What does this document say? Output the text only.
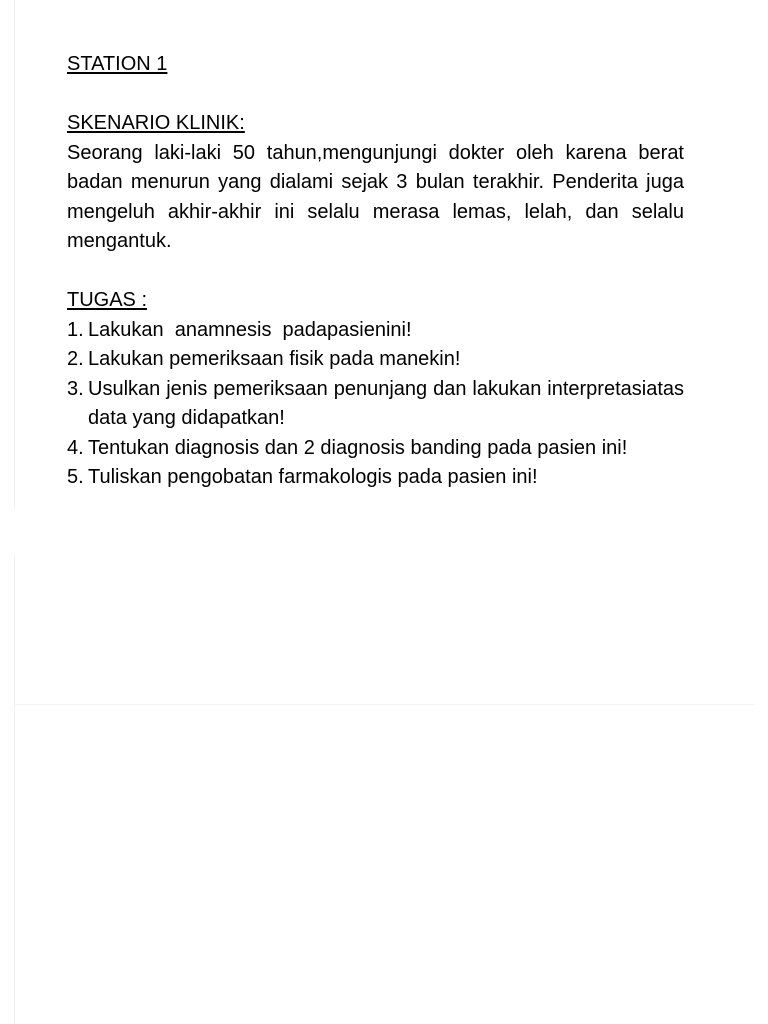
STATION 1

SKENARIO KLINIK:

Seorang laki-laki 50 tahun,mengunjungi dokter oleh karena berat badan menurun yang dialami sejak 3 bulan terakhir. Penderita juga mengeluh akhir-akhir ini selalu merasa lemas, lelah, dan selalu mengantuk.

TUGAS :

1. Lakukan  anamnesis  padapasienini!
2. Lakukan pemeriksaan fisik pada manekin!
3. Usulkan jenis pemeriksaan penunjang dan lakukan interpretasiatas data yang didapatkan!
4. Tentukan diagnosis dan 2 diagnosis banding pada pasien ini!
5. Tuliskan pengobatan farmakologis pada pasien ini!
